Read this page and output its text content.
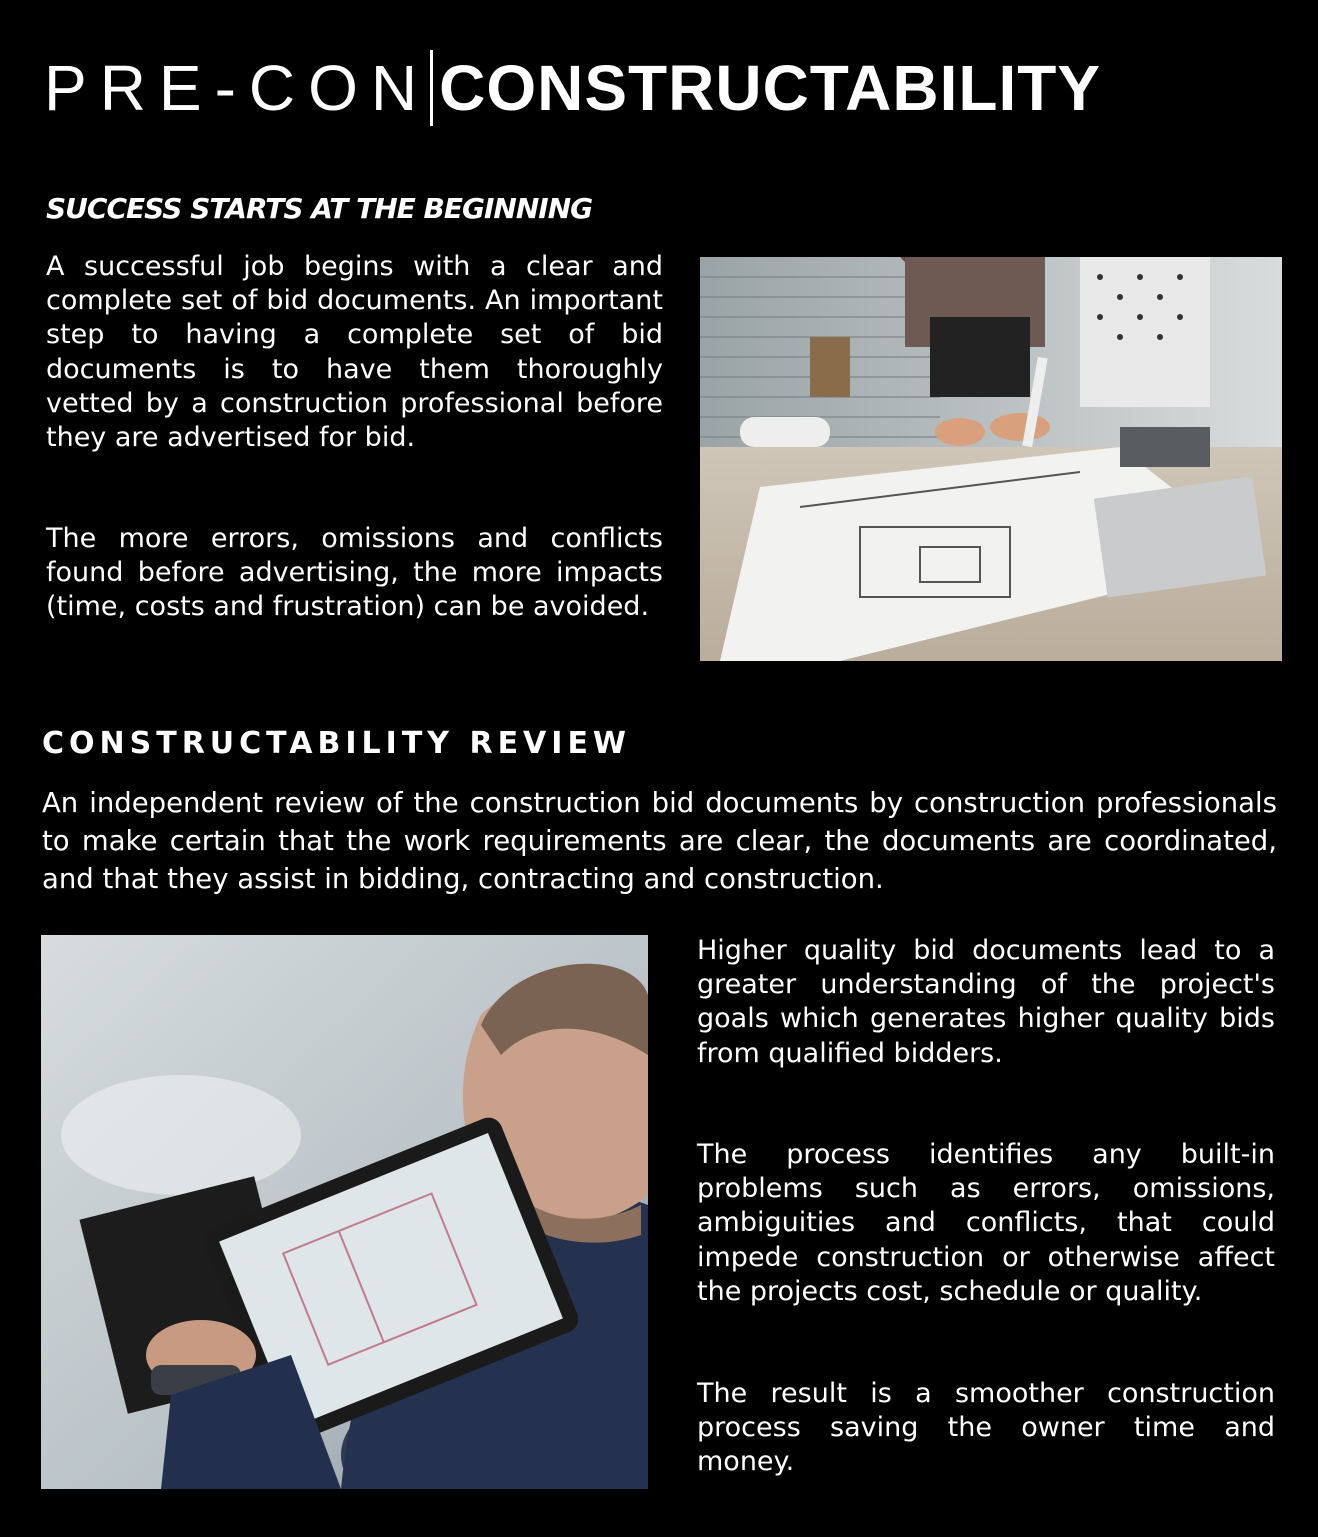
PRE-CON CONSTRUCTABILITY
SUCCESS STARTS AT THE BEGINNING

A successful job begins with a clear and complete set of bid documents. An important step to having a complete set of bid documents is to have them thoroughly vetted by a construction professional before they are advertised for bid.

The more errors, omissions and conflicts found before advertising, the more impacts (time, costs and frustration) can be avoided.

CONSTRUCTABILITY REVIEW

An independent review of the construction bid documents by construction professionals to make certain that the work requirements are clear, the documents are coordinated, and that they assist in bidding, contracting and construction.

Higher quality bid documents lead to a greater understanding of the project's goals which generates higher quality bids from qualified bidders.

The process identifies any built-in problems such as errors, omissions, ambiguities and conflicts, that could impede construction or otherwise affect the projects cost, schedule or quality.

The result is a smoother construction process saving the owner time and money.
